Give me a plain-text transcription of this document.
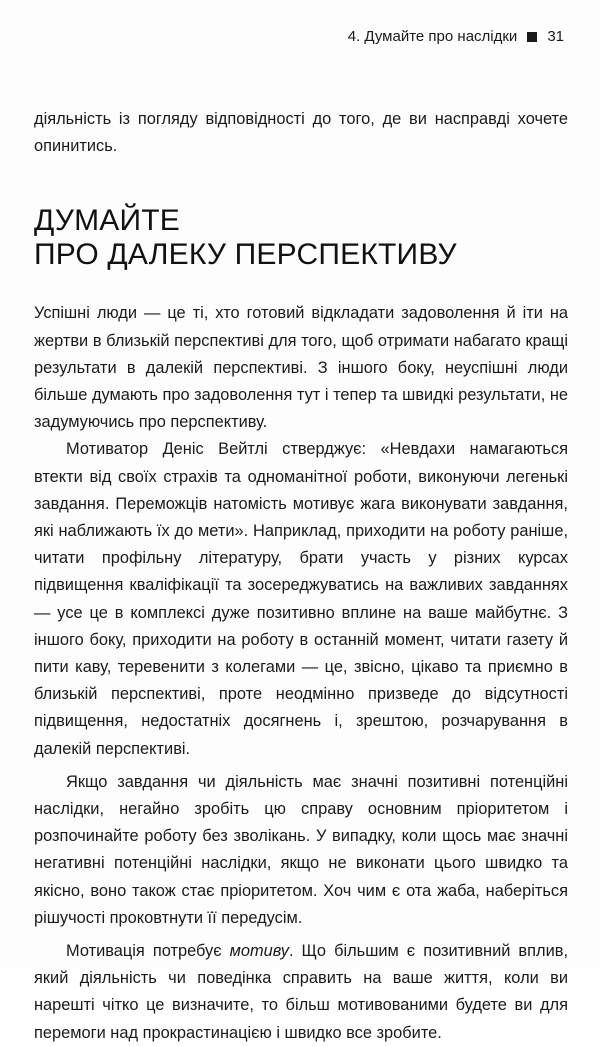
4. Думайте про наслідки 31

діяльність із погляду відповідності до того, де ви насправді хочете опинитись.

ДУМАЙТЕ
ПРО ДАЛЕКУ ПЕРСПЕКТИВУ

Успішні люди — це ті, хто готовий відкладати задоволення й іти на жертви в близькій перспективі для того, щоб отримати набагато кращі результати в далекій перспективі. З іншого боку, неуспішні люди більше думають про задоволення тут і тепер та швидкі результати, не задумуючись про перспективу.

Мотиватор Деніс Вейтлі стверджує: «Невдахи намагаються втекти від своїх страхів та одноманітної роботи, виконуючи легенькі завдання. Переможців натомість мотивує жага виконувати завдання, які наближають їх до мети». Наприклад, приходити на роботу раніше, читати профільну літературу, брати участь у різних курсах підвищення кваліфікації та зосереджуватись на важливих завданнях — усе це в комплексі дуже позитивно вплине на ваше майбутнє. З іншого боку, приходити на роботу в останній момент, читати газету й пити каву, теревенити з колегами — це, звісно, цікаво та приємно в близькій перспективі, проте неодмінно призведе до відсутності підвищення, недостатніх досягнень і, зрештою, розчарування в далекій перспективі.

Якщо завдання чи діяльність має значні позитивні потенційні наслідки, негайно зробіть цю справу основним пріоритетом і розпочинайте роботу без зволікань. У випадку, коли щось має значні негативні потенційні наслідки, якщо не виконати цього швидко та якісно, воно також стає пріоритетом. Хоч чим є ота жаба, наберіться рішучості проковтнути її передусім.

Мотивація потребує мотиву. Що більшим є позитивний вплив, який діяльність чи поведінка справить на ваше життя, коли ви нарешті чітко це визначите, то більш мотивованими будете ви для перемоги над прокрастинацією і швидко все зробите.
